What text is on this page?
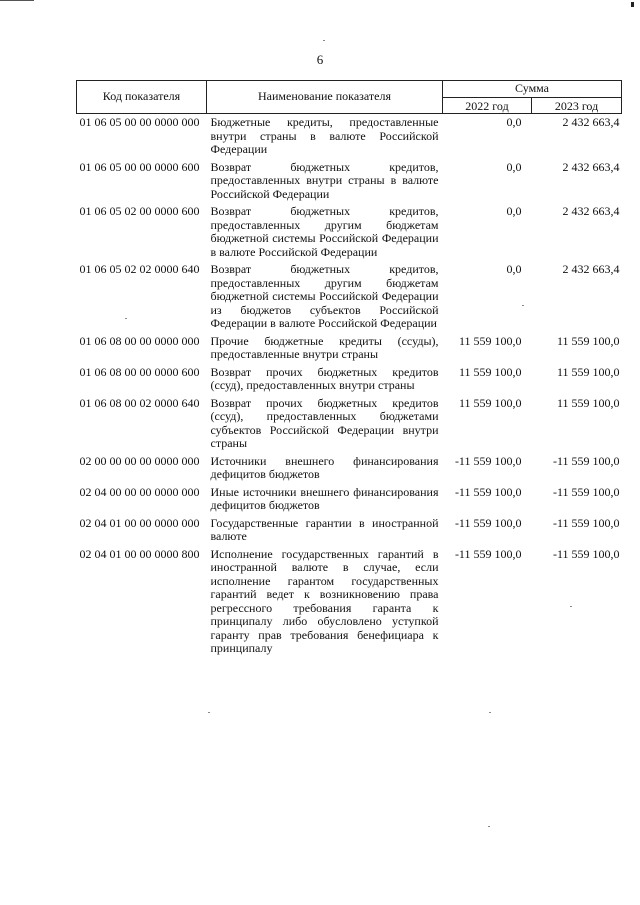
6
Код показателя	Наименование показателя	Сумма	
		2022 год	2023 год
01 06 05 00 00 0000 000	Бюджетные кредиты, предоставленные внутри страны в валюте Российской Федерации	0,0	2 432 663,4
01 06 05 00 00 0000 600	Возврат бюджетных кредитов, предоставленных внутри страны в валюте Российской Федерации	0,0	2 432 663,4
01 06 05 02 00 0000 600	Возврат бюджетных кредитов, предоставленных другим бюджетам бюджетной системы Российской Федерации в валюте Российской Федерации	0,0	2 432 663,4
01 06 05 02 02 0000 640	Возврат бюджетных кредитов, предоставленных другим бюджетам бюджетной системы Российской Федерации из бюджетов субъектов Российской Федерации в валюте Российской Федерации	0,0	2 432 663,4
01 06 08 00 00 0000 000	Прочие бюджетные кредиты (ссуды), предоставленные внутри страны	11 559 100,0	11 559 100,0
01 06 08 00 00 0000 600	Возврат прочих бюджетных кредитов (ссуд), предоставленных внутри страны	11 559 100,0	11 559 100,0
01 06 08 00 02 0000 640	Возврат прочих бюджетных кредитов (ссуд), предоставленных бюджетами субъектов Российской Федерации внутри страны	11 559 100,0	11 559 100,0
02 00 00 00 00 0000 000	Источники внешнего финансирования дефицитов бюджетов	-11 559 100,0	-11 559 100,0
02 04 00 00 00 0000 000	Иные источники внешнего финансирования дефицитов бюджетов	-11 559 100,0	-11 559 100,0
02 04 01 00 00 0000 000	Государственные гарантии в иностранной валюте	-11 559 100,0	-11 559 100,0
02 04 01 00 00 0000 800	Исполнение государственных гарантий в иностранной валюте в случае, если исполнение гарантом государственных гарантий ведет к возникновению права регрессного требования гаранта к принципалу либо обусловлено уступкой гаранту прав требования бенефициара к принципалу	-11 559 100,0	-11 559 100,0
